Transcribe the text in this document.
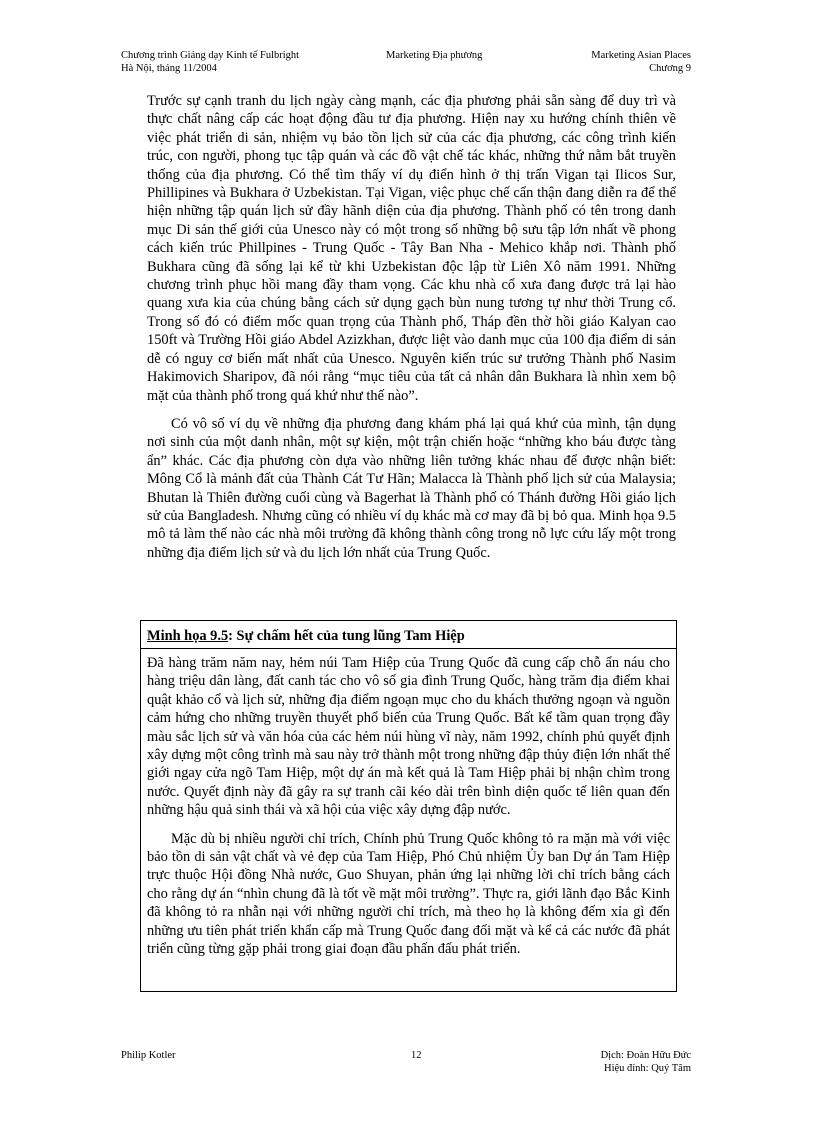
Chương trình Giảng dạy Kinh tế Fulbright
Hà Nội, tháng 11/2004
Marketing Địa phương	Marketing Asian Places
Chương 9

Trước sự cạnh tranh du lịch ngày càng mạnh, các địa phương phải sẵn sàng để duy trì và thực chất nâng cấp các hoạt động đầu tư địa phương. Hiện nay xu hướng chính thiên về việc phát triển di sản, nhiệm vụ bảo tồn lịch sử của các địa phương, các công trình kiến trúc, con người, phong tục tập quán và các đồ vật chế tác khác, những thứ nằm bắt truyền thống của địa phương. Có thể tìm thấy ví dụ điển hình ở thị trấn Vigan tại Ilicos Sur, Phillipines và Bukhara ở Uzbekistan. Tại Vigan, việc phục chế cẩn thận đang diễn ra để thể hiện những tập quán lịch sử đầy hãnh diện của địa phương. Thành phố có tên trong danh mục Di sản thế giới của Unesco này có một trong số những bộ sưu tập lớn nhất về phong cách kiến trúc Phillpines - Trung Quốc - Tây Ban Nha - Mehico khắp nơi. Thành phố Bukhara cũng đã sống lại kể từ khi Uzbekistan độc lập từ Liên Xô năm 1991. Những chương trình phục hồi mang đầy tham vọng. Các khu nhà cổ xưa đang được trả lại hào quang xưa kia của chúng bằng cách sử dụng gạch bùn nung tương tự như thời Trung cổ. Trong số đó có điểm mốc quan trọng của Thành phố, Tháp đền thờ hồi giáo Kalyan cao 150ft và Trường Hồi giáo Abdel Azizkhan, được liệt vào danh mục của 100 địa điểm di sản dễ có nguy cơ biến mất nhất của Unesco. Nguyên kiến trúc sư trưởng Thành phố Nasim Hakimovich Sharipov, đã nói rằng “mục tiêu của tất cả nhân dân Bukhara là nhìn xem bộ mặt của thành phố trong quá khứ như thế nào”.

Có vô số ví dụ về những địa phương đang khám phá lại quá khứ của mình, tận dụng nơi sinh của một danh nhân, một sự kiện, một trận chiến hoặc “những kho báu được tàng ẩn” khác. Các địa phương còn dựa vào những liên tưởng khác nhau để được nhận biết: Mông Cổ là mảnh đất của Thành Cát Tư Hãn; Malacca là Thành phố lịch sử của Malaysia; Bhutan là Thiên đường cuối cùng và Bagerhat là Thành phố có Thánh đường Hồi giáo lịch sử của Bangladesh. Nhưng cũng có nhiều ví dụ khác mà cơ may đã bị bỏ qua. Minh họa 9.5 mô tả làm thế nào các nhà môi trường đã không thành công trong nỗ lực cứu lấy một trong những địa điểm lịch sử và du lịch lớn nhất của Trung Quốc.

Minh họa 9.5: Sự chấm hết của tung lũng Tam Hiệp

Đã hàng trăm năm nay, hẻm núi Tam Hiệp của Trung Quốc đã cung cấp chỗ ẩn náu cho hàng triệu dân làng, đất canh tác cho vô số gia đình Trung Quốc, hàng trăm địa điểm khai quật khảo cổ và lịch sử, những địa điểm ngoạn mục cho du khách thưởng ngoạn và nguồn cảm hứng cho những truyền thuyết phổ biến của Trung Quốc. Bất kể tầm quan trọng đầy màu sắc lịch sử và văn hóa của các hẻm núi hùng vĩ này, năm 1992, chính phủ quyết định xây dựng một công trình mà sau này trở thành một trong những đập thủy điện lớn nhất thế giới ngay cửa ngõ Tam Hiệp, một dự án mà kết quả là Tam Hiệp phải bị nhận chìm trong nước. Quyết định này đã gây ra sự tranh cãi kéo dài trên bình diện quốc tế liên quan đến những hậu quả sinh thái và xã hội của việc xây dựng đập nước.

Mặc dù bị nhiều người chỉ trích, Chính phủ Trung Quốc không tỏ ra mặn mà với việc bảo tồn di sản vật chất và vẻ đẹp của Tam Hiệp, Phó Chủ nhiệm Ủy ban Dự án Tam Hiệp trực thuộc Hội đồng Nhà nước, Guo Shuyan, phản ứng lại những lời chỉ trích bằng cách cho rằng dự án “nhìn chung đã là tốt về mặt môi trường”. Thực ra, giới lãnh đạo Bắc Kinh đã không tỏ ra nhẫn nại với những người chỉ trích, mà theo họ là không đếm xỉa gì đến những ưu tiên phát triển khẩn cấp mà Trung Quốc đang đối mặt và kể cả các nước đã phát triển cũng từng gặp phải trong giai đoạn đầu phấn đấu phát triển.

Philip Kotler	12	Dịch: Đoàn Hữu Đức
Hiệu đính: Quý Tâm
